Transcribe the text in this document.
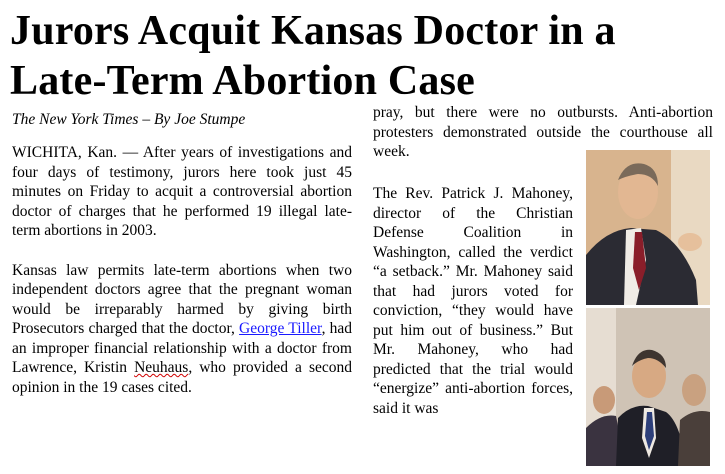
Jurors Acquit Kansas Doctor in a Late-Term Abortion Case
The New York Times – By Joe Stumpe

WICHITA, Kan. — After years of investigations and four days of testimony, jurors here took just 45 minutes on Friday to acquit a controversial abortion doctor of charges that he performed 19 illegal late-term abortions in 2003.

Kansas law permits late-term abortions when two independent doctors agree that the pregnant woman would be irreparably harmed by giving birth Prosecutors charged that the doctor, George Tiller, had an improper financial relationship with a doctor from Lawrence, Kristin Neuhaus, who provided a second opinion in the 19 cases cited.

pray, but there were no outbursts. Anti-abortion protesters demonstrated outside the courthouse all week.

The Rev. Patrick J. Mahoney, director of the Christian Defense Coalition in Washington, called the verdict “a setback.” Mr. Mahoney said that had jurors voted for conviction, “they would have put him out of business.” But Mr. Mahoney, who had predicted that the trial would “energize” anti-abortion forces, said it was
